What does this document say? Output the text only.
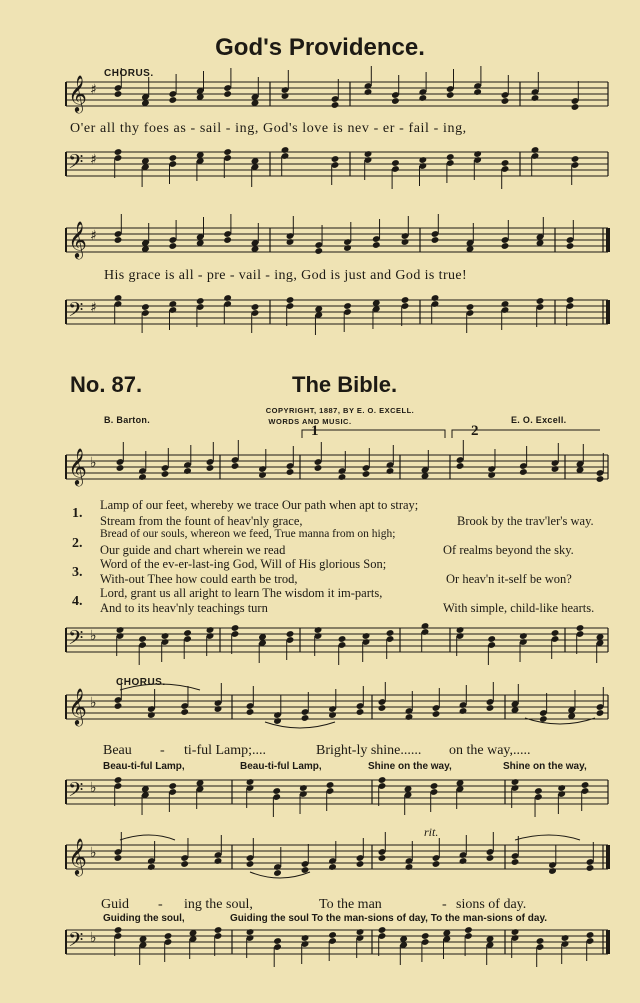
𝄞 ♯
𝄢 ♯
𝄞 ♯
𝄢 ♯
𝄞 ♭
𝄢 ♭
𝄞 ♭
𝄢 ♭
𝄞 ♭
𝄢 ♭
God's Providence.
CHORUS.
O'er all thy foes as - sail - ing, God's love is nev - er - fail - ing,
His grace is all - pre - vail - ing, God is just and God is true!
No. 87.	The Bible.
B. Barton.
COPYRIGHT, 1887, BY E. O. EXCELL.
WORDS AND MUSIC.	E. O. Excell.
1	2
1.
Lamp of our feet, whereby we trace Our path when apt to stray;
Stream from the fount of heav'nly grace,	Brook by the trav'ler's way.
2.
Bread of our souls, whereon we feed, True manna from on high;
Our guide and chart wherein we read	Of realms beyond the sky.
3.
Word of the ev-er-last-ing God, Will of His glorious Son;
With-out Thee how could earth be trod,	Or heav'n it-self be won?
4.
Lord, grant us all aright to learn The wisdom it im-parts,
And to its heav'nly teachings turn	With simple, child-like hearts.
CHORUS.
Beau - ti-ful Lamp;....	Bright-ly shine...... on the way,.....
Beau-ti-ful Lamp,	Beau-ti-ful Lamp,	Shine on the way,	Shine on the way,
rit.
Guid - ing the soul,	To the man	- sions of day.
Guiding the soul,	Guiding the soul To the man-sions of day, To the man-sions of day.
